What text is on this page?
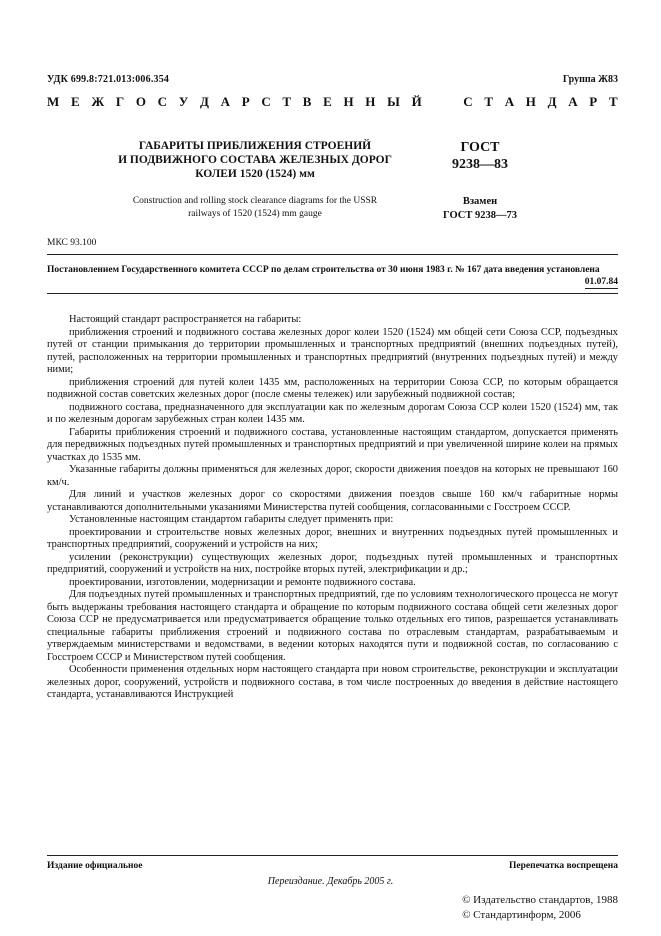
УДК 699.8:721.013:006.354	Группа Ж83
М Е Ж Г О С У Д А Р С Т В Е Н Н Ы Й

	С Т А Н Д А Р Т
ГАБАРИТЫ ПРИБЛИЖЕНИЯ СТРОЕНИЙ
И ПОДВИЖНОГО СОСТАВА ЖЕЛЕЗНЫХ ДОРОГ
КОЛЕИ 1520 (1524) мм
Construction and rolling stock clearance diagrams for the USSR
railways of 1520 (1524) mm gauge
ГОСТ
9238—83
Взамен
ГОСТ 9238—73
МКС 93.100
Постановлением Государственного комитета СССР по делам строительства от 30 июня 1983 г. № 167 дата введения установлена
01.07.84

Настоящий стандарт распространяется на габариты:

приближения строений и подвижного состава железных дорог колеи 1520 (1524) мм общей сети Союза ССР, подъездных путей от станции примыкания до территории промышленных и транспортных предприятий (внешних подъездных путей), путей, расположенных на территории промышленных и транспортных предприятий (внутренних подъездных путей) и между ними;

приближения строений для путей колеи 1435 мм, расположенных на территории Союза ССР, по которым обращается подвижной состав советских железных дорог (после смены тележек) или зарубежный подвижной состав;

подвижного состава, предназначенного для эксплуатации как по железным дорогам Союза ССР колеи 1520 (1524) мм, так и по железным дорогам зарубежных стран колеи 1435 мм.

Габариты приближения строений и подвижного состава, установленные настоящим стандартом, допускается применять для передвижных подъездных путей промышленных и транспортных предприятий и при увеличенной ширине колеи на прямых участках до 1535 мм.

Указанные габариты должны применяться для железных дорог, скорости движения поездов на которых не превышают 160 км/ч.

Для линий и участков железных дорог со скоростями движения поездов свыше 160 км/ч габаритные нормы устанавливаются дополнительными указаниями Министерства путей сообщения, согласованными с Госстроем СССР.

Установленные настоящим стандартом габариты следует применять при:

проектировании и строительстве новых железных дорог, внешних и внутренних подъездных путей промышленных и транспортных предприятий, сооружений и устройств на них;

усилении (реконструкции) существующих железных дорог, подъездных путей промышленных и транспортных предприятий, сооружений и устройств на них, постройке вторых путей, электрификации и др.;

проектировании, изготовлении, модернизации и ремонте подвижного состава.

Для подъездных путей промышленных и транспортных предприятий, где по условиям технологического процесса не могут быть выдержаны требования настоящего стандарта и обращение по которым подвижного состава общей сети железных дорог Союза ССР не предусматривается или предусматривается обращение только отдельных его типов, разрешается устанавливать специальные габариты приближения строений и подвижного состава по отраслевым стандартам, разрабатываемым и утверждаемым министерствами и ведомствами, в ведении которых находятся пути и подвижной состав, по согласованию с Госстроем СССР и Министерством путей сообщения.

Особенности применения отдельных норм настоящего стандарта при новом строительстве, реконструкции и эксплуатации железных дорог, сооружений, устройств и подвижного состава, в том числе построенных до введения в действие настоящего стандарта, устанавливаются Инструкцией

Издание официальное	Перепечатка воспрещена
Переиздание. Декабрь 2005 г.
© Издательство стандартов, 1988
© Стандартинформ, 2006
